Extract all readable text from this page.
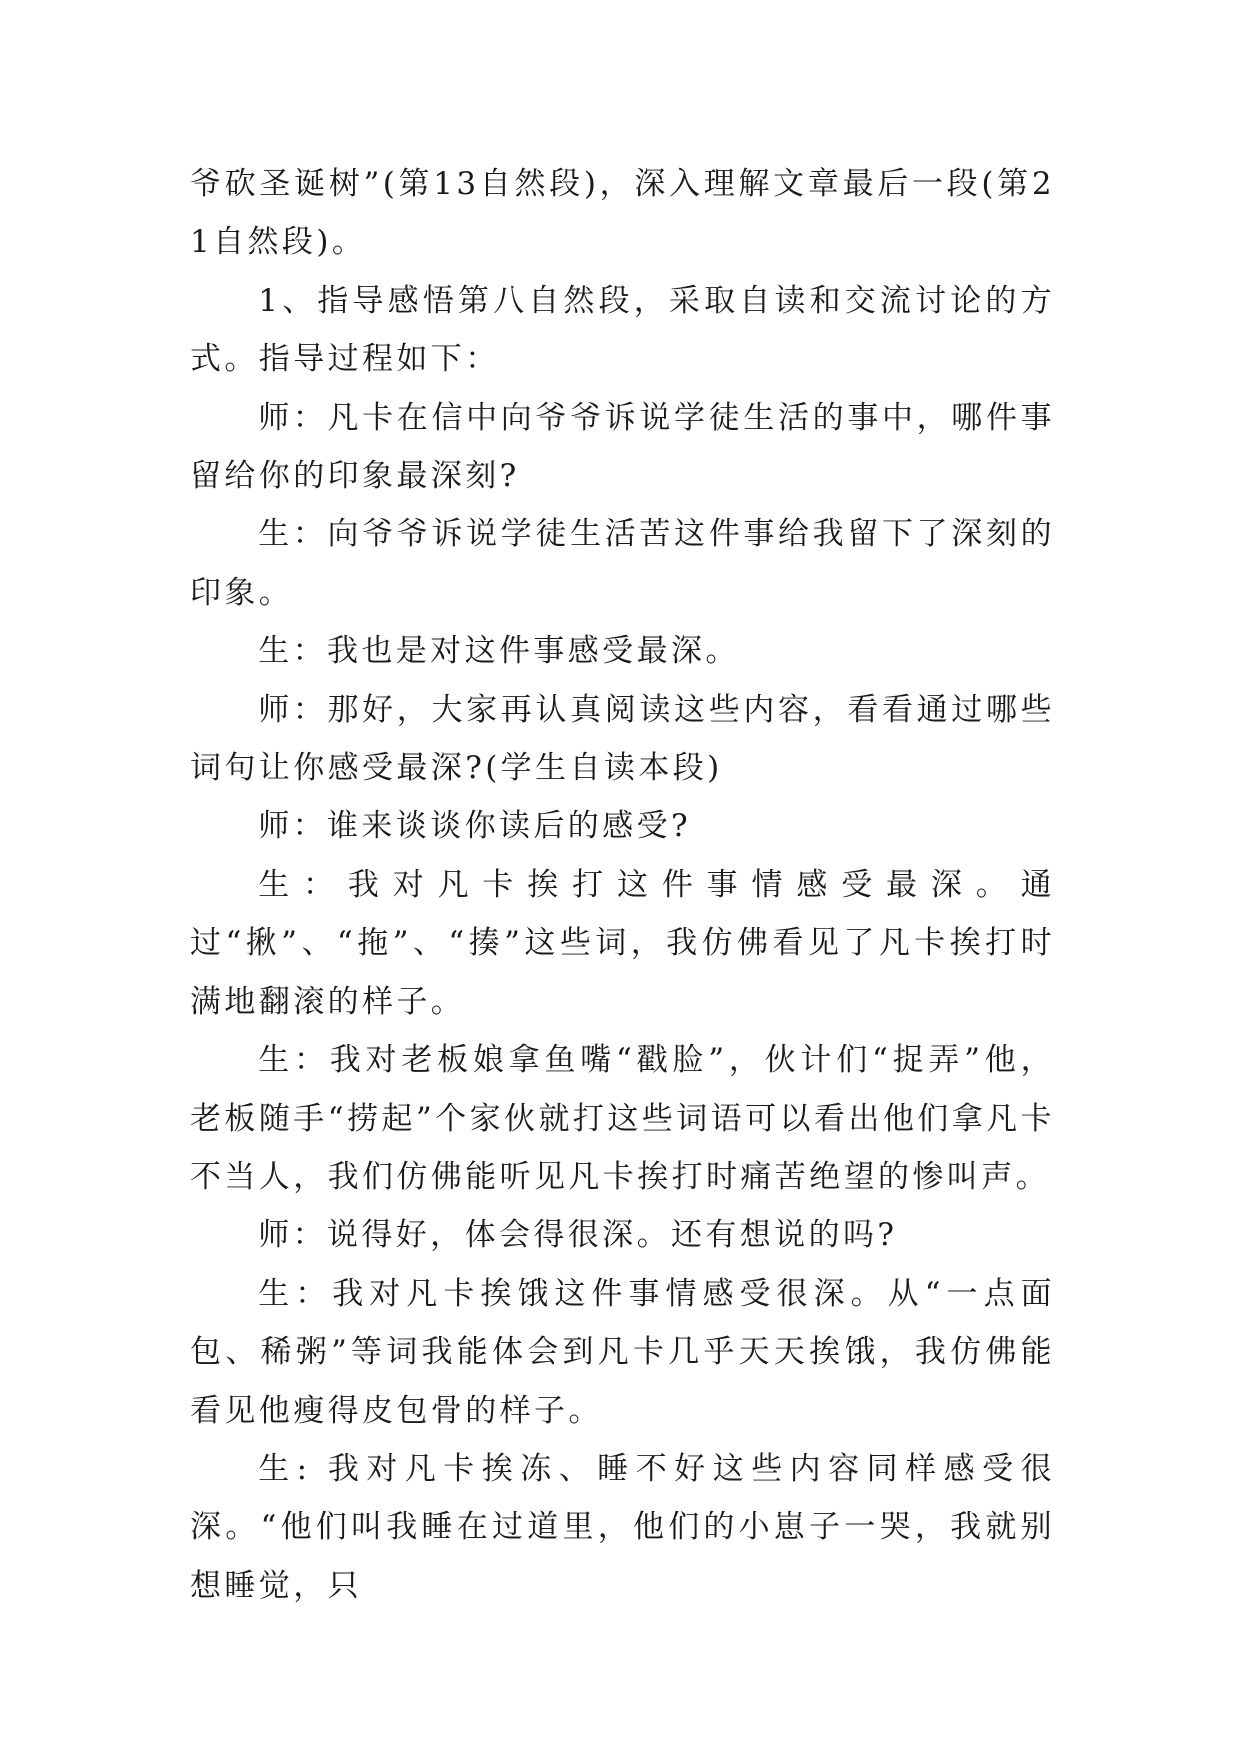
爷砍圣诞树”(第13自然段)，深入理解文章最后一段(第21自然段)。

1、指导感悟第八自然段，采取自读和交流讨论的方式。指导过程如下：

师：凡卡在信中向爷爷诉说学徒生活的事中，哪件事留给你的印象最深刻?

生：向爷爷诉说学徒生活苦这件事给我留下了深刻的印象。

生：我也是对这件事感受最深。

师：那好，大家再认真阅读这些内容，看看通过哪些词句让你感受最深?(学生自读本段)

师：谁来谈谈你读后的感受?

生：我对凡卡挨打这件事情感受最深。通过“揪”、“拖”、“揍”这些词，我仿佛看见了凡卡挨打时满地翻滚的样子。

生：我对老板娘拿鱼嘴“戳脸”，伙计们“捉弄”他，老板随手“捞起”个家伙就打这些词语可以看出他们拿凡卡不当人，我们仿佛能听见凡卡挨打时痛苦绝望的惨叫声。

师：说得好，体会得很深。还有想说的吗?

生：我对凡卡挨饿这件事情感受很深。从“一点面包、稀粥”等词我能体会到凡卡几乎天天挨饿，我仿佛能看见他瘦得皮包骨的样子。

生: 我对凡卡挨冻、睡不好这些内容同样感受很深。“他们叫我睡在过道里，他们的小崽子一哭，我就别想睡觉，只
